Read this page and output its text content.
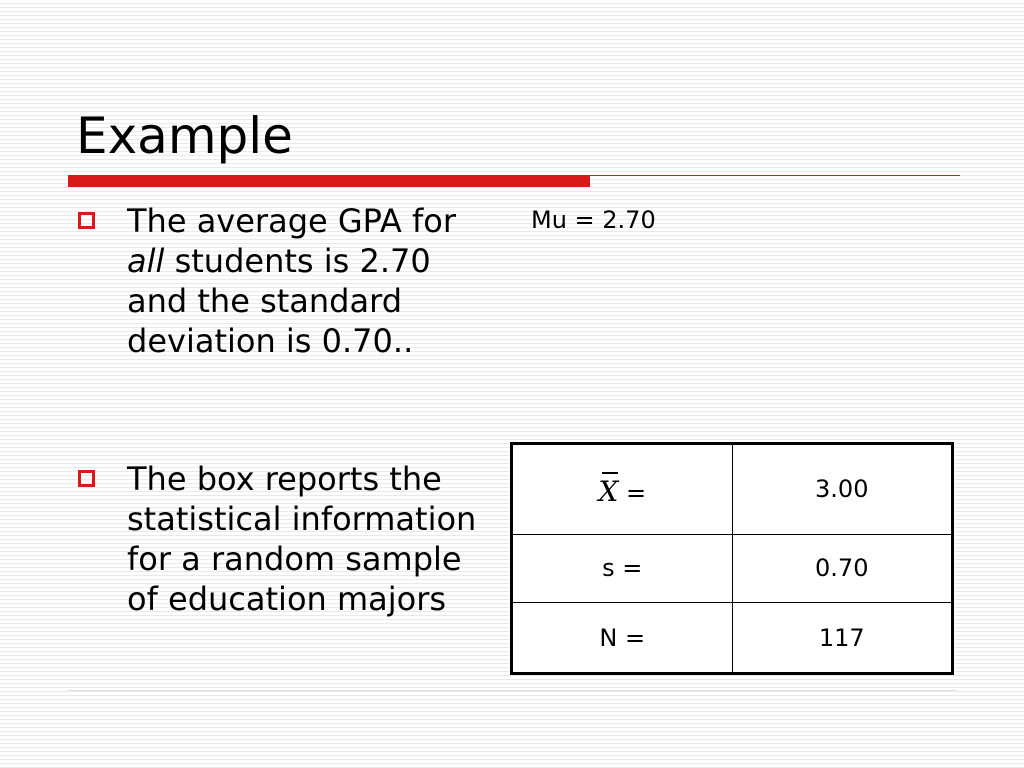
Example
The average GPA for all students is 2.70 and the standard deviation is 0.70..
The box reports the statistical information for a random sample of education majors
Mu = 2.70
X =	3.00
s =	0.70
N =	117
